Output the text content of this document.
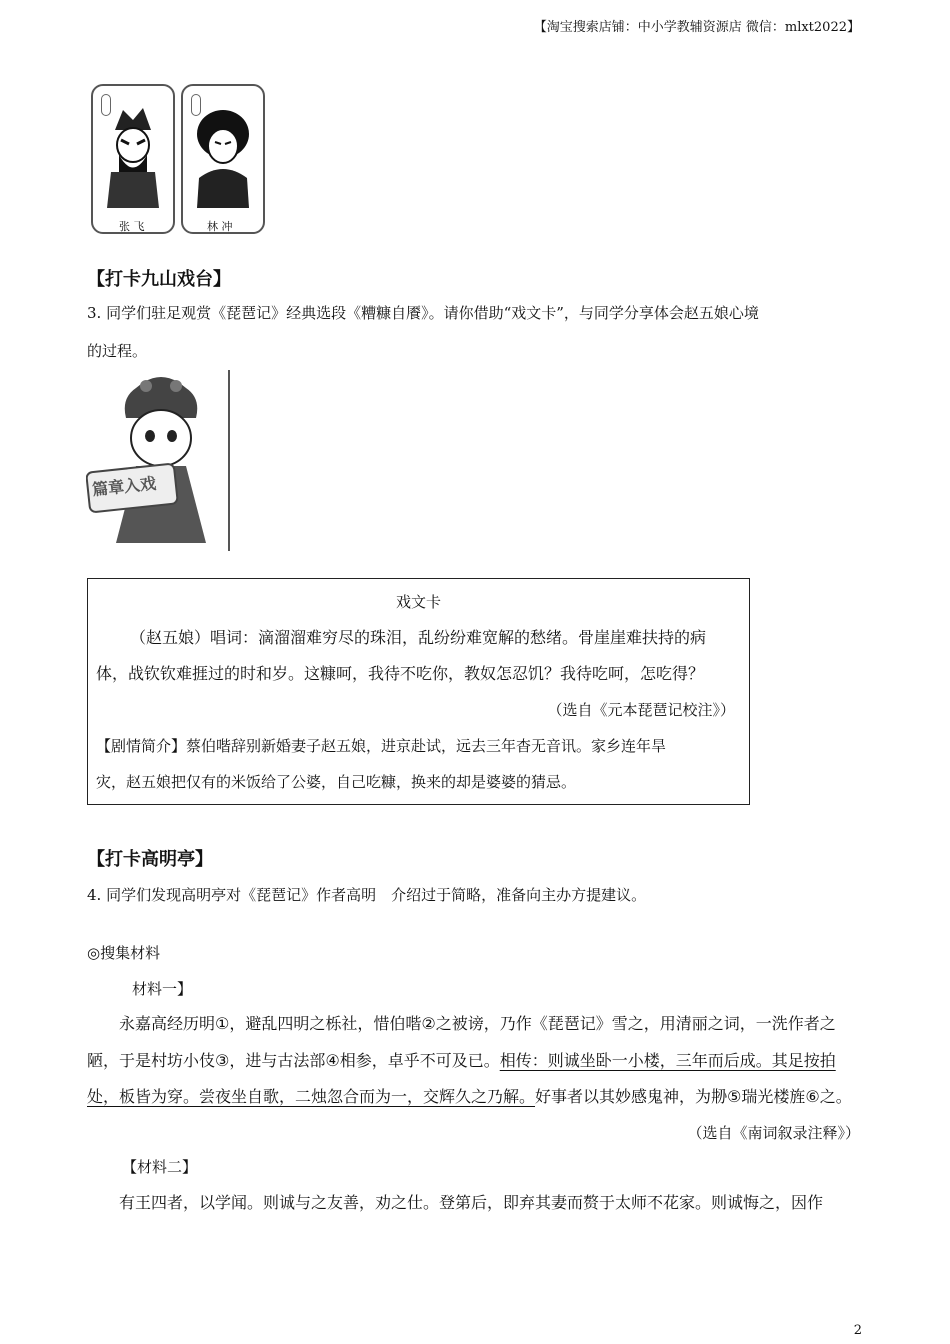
【淘宝搜索店铺：中小学教辅资源店 微信：mlxt2022】
张 飞	林 冲
【打卡九山戏台】
3. 同学们驻足观赏《琵琶记》经典选段《糟糠自餍》。请你借助“戏文卡”，与同学分享体会赵五娘心境
的过程。
篇章入戏
戏文卡
（赵五娘）唱词：滴溜溜难穷尽的珠泪，乱纷纷难宽解的愁绪。骨崖崖难扶持的病
体，战钦钦难捱过的时和岁。这糠呵，我待不吃你，教奴怎忍饥？我待吃呵，怎吃得？
（选自《元本琵琶记校注》）
【剧情简介】蔡伯喈辞别新婚妻子赵五娘，进京赴试，远去三年杳无音讯。家乡连年旱
灾，赵五娘把仅有的米饭给了公婆，自己吃糠，换来的却是婆婆的猜忌。
【打卡高明亭】
4. 同学们发现高明亭对《琵琶记》作者高明　介绍过于简略，准备向主办方提建议。
◎搜集材料
材料一】
永嘉高经历明①，避乱四明之栎社，惜伯喈②之被谤，乃作《琵琶记》雪之，用清丽之词，一洗作者之
陋，于是村坊小伎③，进与古法部④相参，卓乎不可及已。相传：则诚坐卧一小楼，三年而后成。其足按拍
处，板皆为穿。尝夜坐自歌，二烛忽合而为一，交辉久之乃解。好事者以其妙感鬼神，为刱⑤瑞光楼旌⑥之。
（选自《南词叙录注释》）
【材料二】
有王四者，以学闻。则诚与之友善，劝之仕。登第后，即弃其妻而赘于太师不花家。则诚悔之，因作
2
